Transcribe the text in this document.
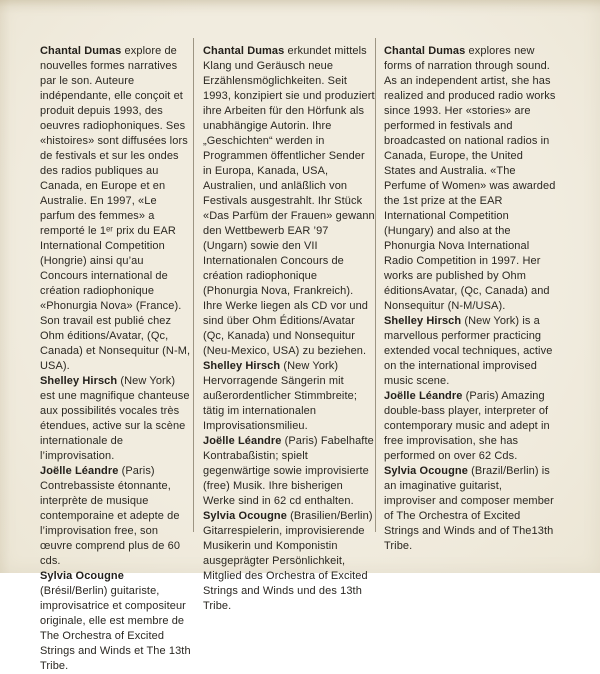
Chantal Dumas explore de nouvelles formes narratives par le son. Auteure indépendante, elle conçoit et produit depuis 1993, des oeuvres radiophoniques. Ses «histoires» sont diffusées lors de festivals et sur les ondes des radios publiques au Canada, en Europe et en Australie. En 1997, «Le parfum des femmes» a remporté le 1ᵉʳ prix du EAR International Competition (Hongrie) ainsi qu’au Concours international de création radiophonique «Phonurgia Nova» (France). Son travail est publié chez Ohm éditions/Avatar, (Qc, Canada) et Nonsequitur (N-M, USA).

Shelley Hirsch (New York) est une magnifique chanteuse aux possibilités vocales très étendues, active sur la scène internationale de l’improvisation.

Joëlle Léandre (Paris) Contrebassiste étonnante, interprète de musique contemporaine et adepte de l’improvisation free, son œuvre comprend plus de 60 cds.

Sylvia Ocougne (Brésil/Berlin) guitariste, improvisatrice et compositeur originale, elle est membre de The Orchestra of Excited Strings and Winds et The 13th Tribe.

Chantal Dumas erkundet mittels Klang und Geräusch neue Erzählensmöglichkeiten. Seit 1993, konzipiert sie und produziert ihre Arbeiten für den Hörfunk als unabhängige Autorin. Ihre „Geschichten“ werden in Programmen öffentlicher Sender in Europa, Kanada, USA, Australien, und anläßlich von Festivals ausgestrahlt. Ihr Stück «Das Parfüm der Frauen» gewann den Wettbewerb EAR ’97 (Ungarn) sowie den VII Internationalen Concours de création radiophonique (Phonurgia Nova, Frankreich). Ihre Werke liegen als CD vor und sind über Ohm Éditions/Avatar (Qc, Kanada) und Nonsequitur (Neu-Mexico, USA) zu beziehen.

Shelley Hirsch (New York) Hervorragende Sängerin mit außerordentlicher Stimmbreite; tätig im internationalen Improvisationsmilieu.

Joëlle Léandre (Paris) Fabelhafte Kontrabaßistin; spielt gegenwärtige sowie improvisierte (free) Musik. Ihre bisherigen Werke sind in 62 cd enthalten.

Sylvia Ocougne (Brasilien/Berlin) Gitarrespielerin, improvisierende Musikerin und Komponistin ausgeprägter Persönlichkeit, Mitglied des Orchestra of Excited Strings and Winds und des 13th Tribe.

Chantal Dumas explores new forms of narration through sound. As an independent artist, she has realized and produced radio works since 1993. Her «stories» are performed in festivals and broadcasted on national radios in Canada, Europe, the United States and Australia. «The Perfume of Women» was awarded the 1st prize at the EAR International Competition (Hungary) and also at the Phonurgia Nova International Radio Competition in 1997. Her works are published by Ohm éditionsAvatar, (Qc, Canada) and Nonsequitur (N-M/USA).

Shelley Hirsch (New York) is a marvellous performer practicing extended vocal techniques, active on the international improvised music scene.

Joëlle Léandre (Paris) Amazing double-bass player, interpreter of contemporary music and adept in free improvisation, she has performed on over 62 Cds.

Sylvia Ocougne (Brazil/Berlin) is an imaginative guitarist, improviser and composer member of The Orchestra of Excited Strings and Winds and of The13th Tribe.
